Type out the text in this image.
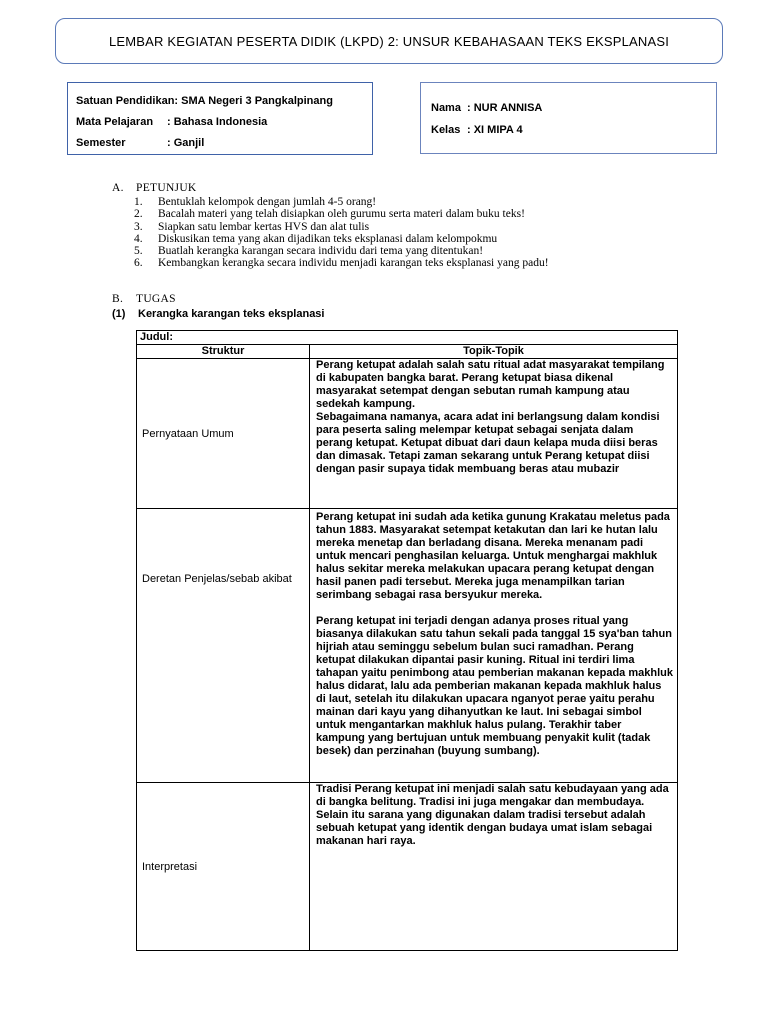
LEMBAR KEGIATAN PESERTA DIDIK (LKPD) 2: UNSUR KEBAHASAAN TEKS EKSPLANASI
Satuan Pendidikan: SMA Negeri 3 Pangkalpinang
Mata Pelajaran : Bahasa Indonesia
Semester	: Ganjil
Nama : NUR ANNISA
Kelas : XI MIPA 4
A. PETUNJUK
1. Bentuklah kelompok dengan jumlah 4-5 orang!
2. Bacalah materi yang telah disiapkan oleh gurumu serta materi dalam buku teks!
3. Siapkan satu lembar kertas HVS dan alat tulis
4. Diskusikan tema yang akan dijadikan teks eksplanasi dalam kelompokmu
5. Buatlah kerangka karangan secara individu dari tema yang ditentukan!
6. Kembangkan kerangka secara individu menjadi karangan teks eksplanasi yang padu!
B. TUGAS
(1) Kerangka karangan teks eksplanasi
Judul:	
Struktur	Topik-Topik
Pernyataan Umum	Perang ketupat adalah salah satu ritual adat masyarakat tempilang di kabupaten bangka barat. Perang ketupat biasa dikenal masyarakat setempat dengan sebutan rumah kampung atau sedekah kampung.

Sebagaimana namanya, acara adat ini berlangsung dalam kondisi para peserta saling melempar ketupat sebagai senjata dalam perang ketupat. Ketupat dibuat dari daun kelapa muda diisi beras dan dimasak. Tetapi zaman sekarang untuk Perang ketupat diisi dengan pasir supaya tidak membuang beras atau mubazir

Deretan Penjelas/sebab akibat	Perang ketupat ini sudah ada ketika gunung Krakatau meletus pada tahun 1883. Masyarakat setempat ketakutan dan lari ke hutan lalu mereka menetap dan berladang disana. Mereka menanam padi untuk mencari penghasilan keluarga. Untuk menghargai makhluk halus sekitar mereka melakukan upacara perang ketupat dengan hasil panen padi tersebut. Mereka juga menampilkan tarian serimbang sebagai rasa bersyukur mereka.

Perang ketupat ini terjadi dengan adanya proses ritual yang biasanya dilakukan satu tahun sekali pada tanggal 15 sya'ban tahun hijriah atau seminggu sebelum bulan suci ramadhan. Perang ketupat dilakukan dipantai pasir kuning. Ritual ini terdiri lima tahapan yaitu penimbong atau pemberian makanan kepada makhluk halus didarat, lalu ada pemberian makanan kepada makhluk halus di laut, setelah itu dilakukan upacara nganyot perae yaitu perahu mainan dari kayu yang dihanyutkan ke laut. Ini sebagai simbol untuk mengantarkan makhluk halus pulang. Terakhir taber kampung yang bertujuan untuk membuang penyakit kulit (tadak besek) dan perzinahan (buyung sumbang).

Interpretasi	Tradisi Perang ketupat ini menjadi salah satu kebudayaan yang ada di bangka belitung. Tradisi ini juga mengakar dan membudaya. Selain itu sarana yang digunakan dalam tradisi tersebut adalah sebuah ketupat yang identik dengan budaya umat islam sebagai makanan hari raya.
